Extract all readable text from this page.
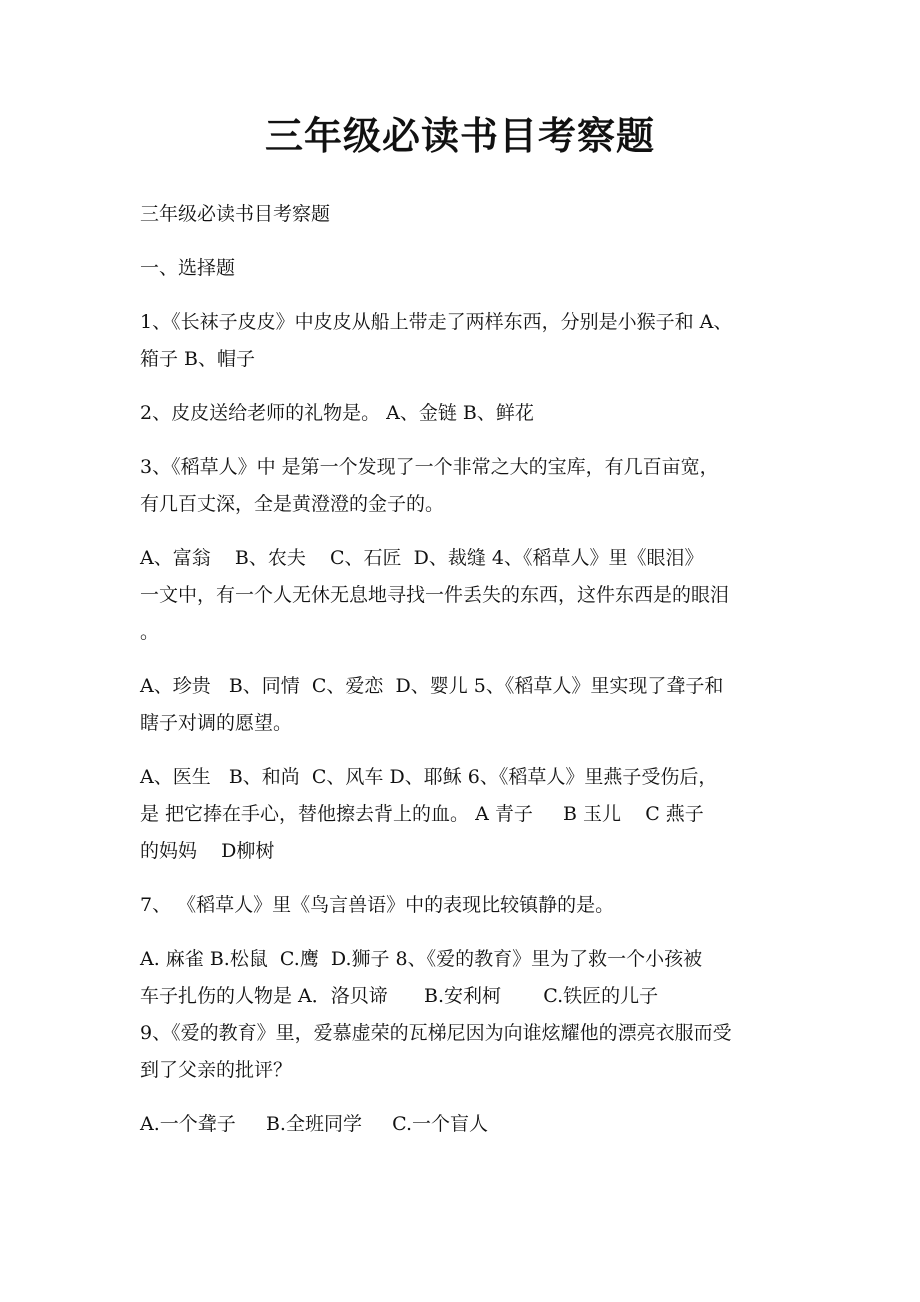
三年级必读书目考察题
三年级必读书目考察题
一、选择题
1、《长袜子皮皮》中皮皮从船上带走了两样东西，分别是小猴子和 A、
箱子 B、帽子
2、皮皮送给老师的礼物是。 A、金链 B、鲜花
3、《稻草人》中 是第一个发现了一个非常之大的宝库，有几百亩宽，
有几百丈深，全是黄澄澄的金子的。
A、富翁    B、农夫    C、石匠  D、裁缝 4、《稻草人》里《眼泪》
一文中，有一个人无休无息地寻找一件丢失的东西，这件东西是的眼泪
。
A、珍贵   B、同情  C、爱恋  D、婴儿 5、《稻草人》里实现了聋子和
瞎子对调的愿望。
A、医生   B、和尚  C、风车 D、耶稣 6、《稻草人》里燕子受伤后，
是 把它捧在手心，替他擦去背上的血。 A 青子     B 玉儿    C 燕子
的妈妈    D柳树
7、 《稻草人》里《鸟言兽语》中的表现比较镇静的是。
A. 麻雀 B.松鼠  C.鹰  D.狮子 8、《爱的教育》里为了救一个小孩被
车子扎伤的人物是 A．洛贝谛      B.安利柯       C.铁匠的儿子
9、《爱的教育》里，爱慕虚荣的瓦梯尼因为向谁炫耀他的漂亮衣服而受
到了父亲的批评？
A.一个聋子     B.全班同学     C.一个盲人
